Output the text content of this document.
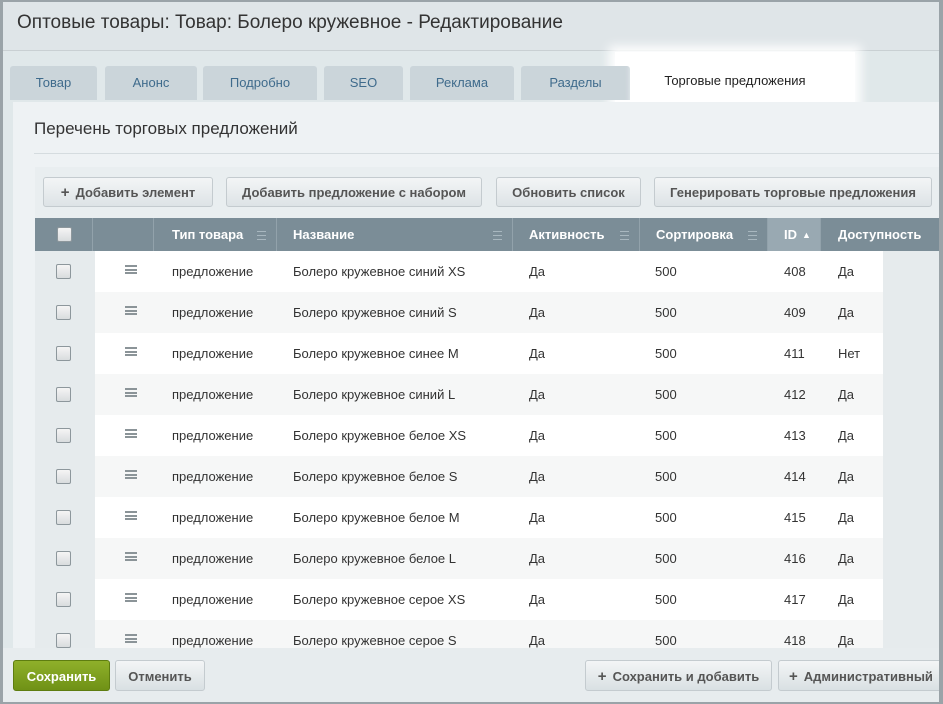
Оптовые товары: Товар: Болеро кружевное - Редактирование
Товар	Анонс	Подробно	SEO	Реклама	Разделы	Торговые предложения
Перечень торговых предложений
+ Добавить элемент	Добавить предложение с набором	Обновить список	Генерировать торговые предложения
Тип товара	Название	Активность	Сортировка	ID ▲	Доступность
предложение	Болеро кружевное синий XS	Да	500	408 Да
предложение	Болеро кружевное синий S	Да	500	409 Да
предложение	Болеро кружевное синее M	Да	500	411	Нет
предложение	Болеро кружевное синий L	Да	500	412 Да
предложение	Болеро кружевное белое XS	Да	500	413 Да
предложение	Болеро кружевное белое S	Да	500	414 Да
предложение	Болеро кружевное белое M	Да	500	415 Да
предложение	Болеро кружевное белое L	Да	500	416 Да
предложение	Болеро кружевное серое XS	Да	500	417 Да
предложение	Болеро кружевное серое S	Да	500	418 Да
Сохранить	Отменить	+ Сохранить и добавить	+ Административный
